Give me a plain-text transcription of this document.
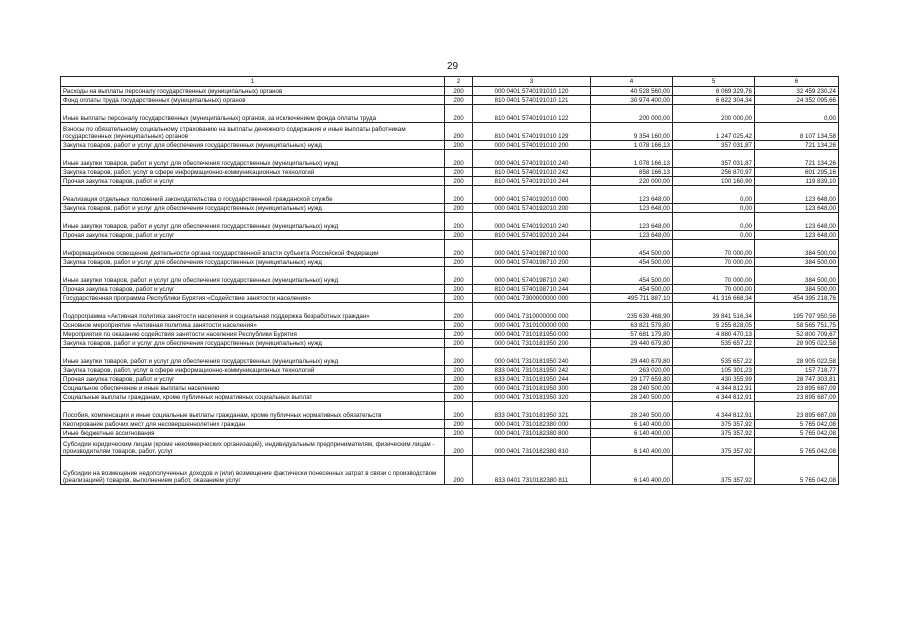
29
1	2	3	4	5	6
Расходы на выплаты персоналу государственных (муниципальных) органов	200	000 0401 5740191010 120	40 528 560,00	8 069 329,76	32 459 230,24
Фонд оплаты труда государственных (муниципальных) органов	200	810 0401 5740191010 121	30 974 400,00	6 622 304,34	24 352 095,66
Иные выплаты персоналу государственных (муниципальных) органов, за исключением фонда оплаты труда	200	810 0401 5740191010 122	200 000,00	200 000,00	0,00
Взносы по обязательному социальному страхованию на выплаты денежного содержания и иные выплаты работникам государственных (муниципальных) органов	200	810 0401 5740191010 129	9 354 160,00	1 247 025,42	8 107 134,58
Закупка товаров, работ и услуг для обеспечения государственных (муниципальных) нужд	200	000 0401 5740191010 200	1 078 166,13	357 031,87	721 134,26
Иные закупки товаров, работ и услуг для обеспечения государственных (муниципальных) нужд	200	000 0401 5740191010 240	1 078 166,13	357 031,87	721 134,26
Закупка товаров, работ, услуг в сфере информационно-коммуникационных технологий	200	810 0401 5740191010 242	858 166,13	256 870,97	601 295,16
Прочая закупка товаров, работ и услуг	200	810 0401 5740191010 244	220 000,00	100 160,90	119 839,10
Реализация отдельных положений законодательства о государственной гражданской службе	200	000 0401 5740192010 000	123 648,00	0,00	123 648,00
Закупка товаров, работ и услуг для обеспечения государственных (муниципальных) нужд	200	000 0401 5740192010 200	123 648,00	0,00	123 648,00
Иные закупки товаров, работ и услуг для обеспечения государственных (муниципальных) нужд	200	000 0401 5740192010 240	123 648,00	0,00	123 648,00
Прочая закупка товаров, работ и услуг	200	810 0401 5740192010 244	123 648,00	0,00	123 648,00
Информационное освещение деятельности органа государственной власти субъекта Российской Федерации	200	000 0401 5740198710 000	454 500,00	70 000,00	384 500,00
Закупка товаров, работ и услуг для обеспечения государственных (муниципальных) нужд	200	000 0401 5740198710 200	454 500,00	70 000,00	384 500,00
Иные закупки товаров, работ и услуг для обеспечения государственных (муниципальных) нужд	200	000 0401 5740198710 240	454 500,00	70 000,00	384 500,00
Прочая закупка товаров, работ и услуг	200	810 0401 5740198710 244	454 500,00	70 000,00	384 500,00
Государственная программа Республики Бурятия «Содействие занятости населения»	200	000 0401 7300000000 000	495 711 887,10	41 316 668,34	454 395 218,76
Подпрограмма «Активная политика занятости населения и социальная поддержка безработных граждан»	200	000 0401 7310000000 000	235 639 468,90	39 841 516,34	195 797 950,56
Основное мероприятие «Активная политика занятости населения»	200	000 0401 7310100000 000	63 821 579,80	5 255 828,05	58 565 751,75
Мероприятия по оказанию содействия занятости населения Республики Бурятия	200	000 0401 7310181950 000	57 681 179,80	4 880 470,13	52 800 709,67
Закупка товаров, работ и услуг для обеспечения государственных (муниципальных) нужд	200	000 0401 7310181950 200	29 440 679,80	535 657,22	28 905 022,58
Иные закупки товаров, работ и услуг для обеспечения государственных (муниципальных) нужд	200	000 0401 7310181950 240	29 440 679,80	535 657,22	28 905 022,58
Закупка товаров, работ, услуг в сфере информационно-коммуникационных технологий	200	833 0401 7310181950 242	263 020,00	105 301,23	157 718,77
Прочая закупка товаров, работ и услуг	200	833 0401 7310181950 244	29 177 659,80	430 355,99	28 747 303,81
Социальное обеспечение и иные выплаты населению	200	000 0401 7310181950 300	28 240 500,00	4 344 812,91	23 895 687,09
Социальные выплаты гражданам, кроме публичных нормативных социальных выплат	200	000 0401 7310181950 320	28 240 500,00	4 344 812,91	23 895 687,09
Пособия, компенсации и иные социальные выплаты гражданам, кроме публичных нормативных обязательств	200	833 0401 7310181950 321	28 240 500,00	4 344 812,91	23 895 687,09
Квотирование рабочих мест для несовершеннолетних граждан	200	000 0401 7310182380 000	6 140 400,00	375 357,92	5 765 042,08
Иные бюджетные ассигнования	200	000 0401 7310182380 800	6 140 400,00	375 357,92	5 765 042,08
Субсидии юридическим лицам (кроме некоммерческих организаций), индивидуальным предпринимателям, физическим лицам - производителям товаров, работ, услуг	200	000 0401 7310182380 810	6 140 400,00	375 357,92	5 765 042,08
Субсидии на возмещение недополученных доходов и (или) возмещение фактически понесенных затрат в связи с производством (реализацией) товаров, выполнением работ, оказанием услуг	200	833 0401 7310182380 811	6 140 400,00	375 357,92	5 765 042,08
